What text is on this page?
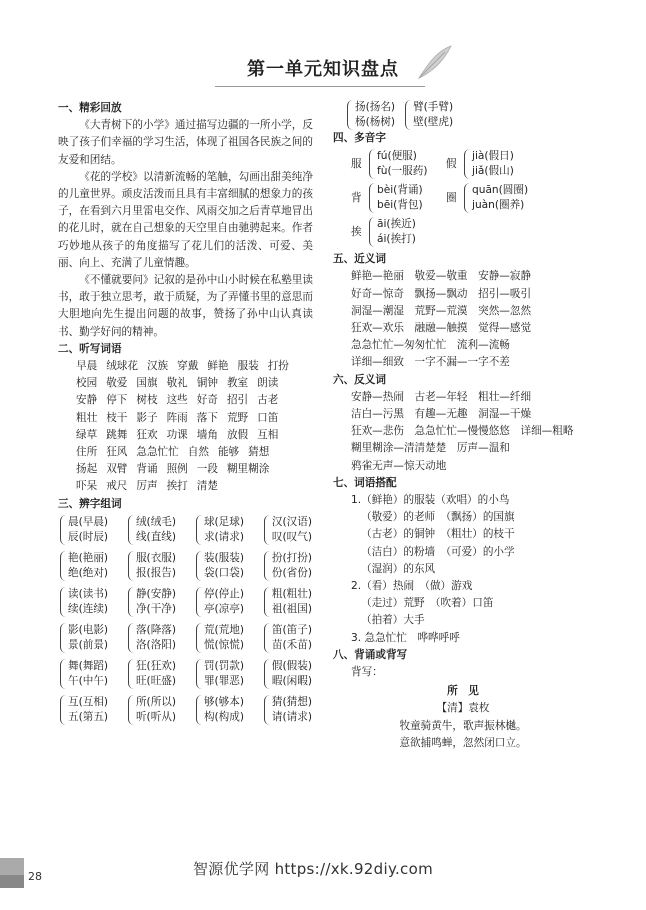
第一单元知识盘点
一、精彩回放
《大青树下的小学》通过描写边疆的一所小学，反映了孩子们幸福的学习生活，体现了祖国各民族之间的友爱和团结。
《花的学校》以清新流畅的笔触，勾画出甜美纯净的儿童世界。顽皮活泼而且具有丰富细腻的想象力的孩子，在看到六月里雷电交作、风雨交加之后青草地冒出的花儿时，就在自己想象的天空里自由驰骋起来。作者巧妙地从孩子的角度描写了花儿们的活泼、可爱、美丽、向上、充满了儿童情趣。
《不懂就要问》记叙的是孙中山小时候在私塾里读书，敢于独立思考，敢于质疑，为了弄懂书里的意思而大胆地向先生提出问题的故事，赞扬了孙中山认真读书、勤学好问的精神。
二、听写词语
早晨 绒球花 汉族 穿戴 鲜艳 服装 打扮
校园 敬爱 国旗 敬礼 铜钟 教室 朗读
安静 停下 树枝 这些 好奇 招引 古老
粗壮 枝干 影子 阵雨 落下 荒野 口笛
绿草 跳舞 狂欢 功课 墙角 放假 互相
住所 狂风 急急忙忙 自然 能够 猜想
扬起 双臂 背诵 照例 一段 糊里糊涂
吓呆 戒尺 厉声 挨打 清楚
三、辨字组词
晨(早晨)
辰(时辰)
绒(绒毛)
线(直线)
球(足球)
求(请求)
汉(汉语)
叹(叹气)
艳(艳丽)
绝(绝对)
服(衣服)
报(报告)
装(服装)
袋(口袋)
扮(打扮)
份(省份)
读(读书)
续(连续)
静(安静)
净(干净)
停(停止)
亭(凉亭)
粗(粗壮)
祖(祖国)
影(电影)
景(前景)
落(降落)
洛(洛阳)
荒(荒地)
慌(惊慌)
笛(笛子)
苗(禾苗)
舞(舞蹈)
午(中午)
狂(狂欢)
旺(旺盛)
罚(罚款)
罪(罪恶)
假(假装)
暇(闲暇)
互(互相)
五(第五)
所(所以)
听(听从)
够(够本)
构(构成)
猜(猜想)
请(请求)
扬(扬名)
杨(杨树)
臂(手臂)
壁(壁虎)
四、多音字
服
fú(便服)
fù(一服药)
假
jià(假日)
jiǎ(假山)
背
bèi(背诵)
bēi(背包)
圈
quān(圆圈)
juàn(圈养)
挨
āi(挨近)
ái(挨打)
五、近义词
鲜艳—艳丽　敬爱—敬重　安静—寂静
好奇—惊奇　飘扬—飘动　招引—吸引
洞湿—潮湿　荒野—荒漠　突然—忽然
狂欢—欢乐　融融—触摸　觉得—感觉
急急忙忙—匆匆忙忙　流利—流畅
详细—细致　一字不漏—一字不差
六、反义词
安静—热闹　古老—年轻　粗壮—纤细
洁白—污黑　有趣—无趣　洞湿—干燥
狂欢—悲伤　急急忙忙—慢慢悠悠　详细—粗略
糊里糊涂—清清楚楚　厉声—温和
鸦雀无声—惊天动地
七、词语搭配
1.（鲜艳）的服装（欢唱）的小鸟
（敬爱）的老师　（飘扬）的国旗
（古老）的铜钟　（粗壮）的枝干
（洁白）的粉墙　（可爱）的小学
（湿润）的东风
2.（看）热闹　（做）游戏
（走过）荒野　（吹着）口笛
（拍着）大手
3. 急急忙忙　哗哗呼呼
八、背诵或背写
背写：
所　见
【清】袁枚
牧童骑黄牛，歌声振林樾。
意欲捕鸣蝉，忽然闭口立。
28	智源优学网 https://xk.92diy.com
